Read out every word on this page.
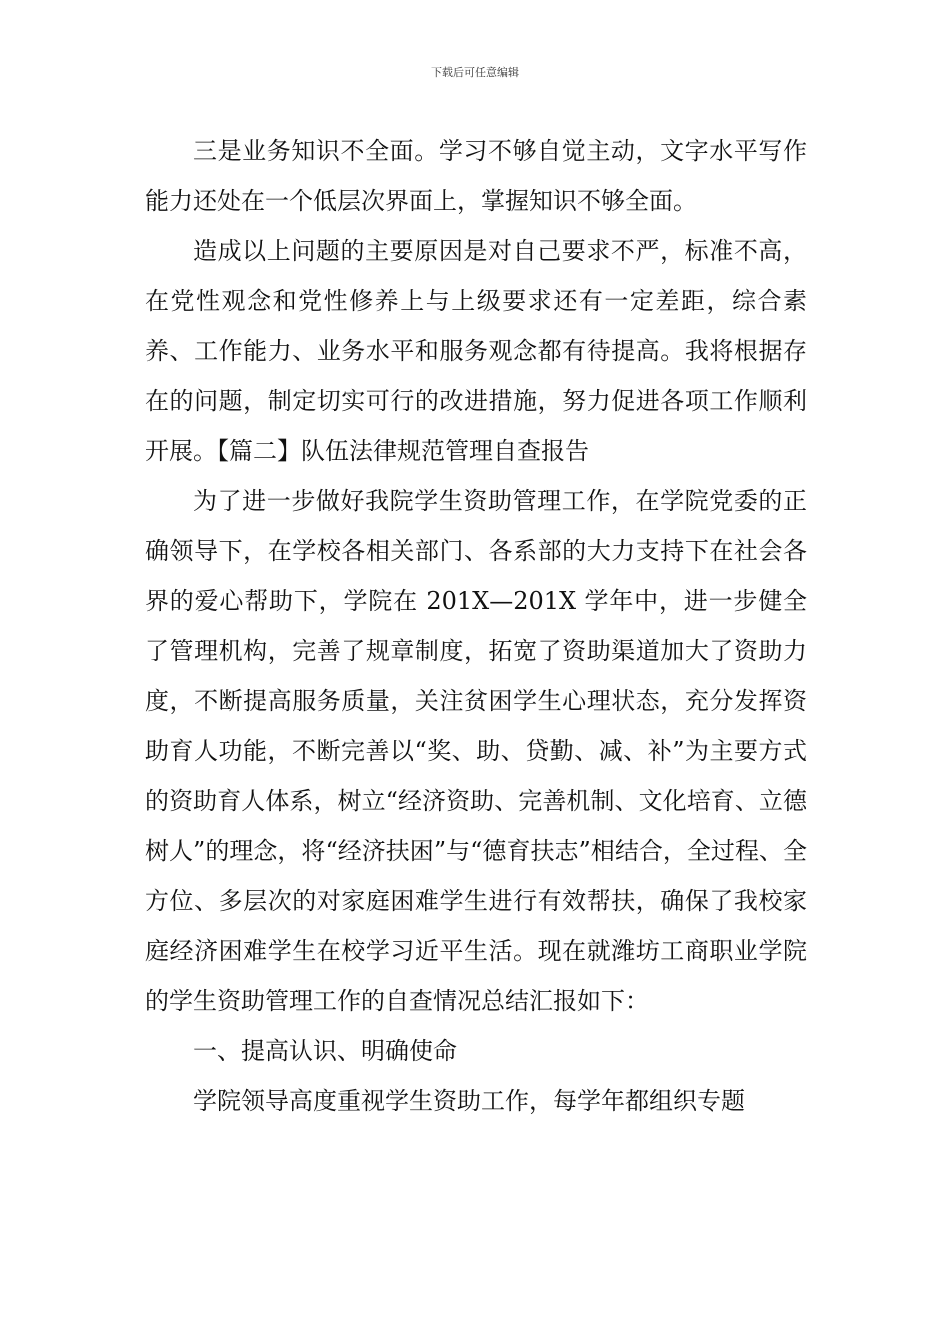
下载后可任意编辑

三是业务知识不全面。学习不够自觉主动，文字水平写作能力还处在一个低层次界面上，掌握知识不够全面。

造成以上问题的主要原因是对自己要求不严，标准不高，在党性观念和党性修养上与上级要求还有一定差距，综合素养、工作能力、业务水平和服务观念都有待提高。我将根据存在的问题，制定切实可行的改进措施，努力促进各项工作顺利开展。【篇二】队伍法律规范管理自查报告

为了进一步做好我院学生资助管理工作，在学院党委的正确领导下，在学校各相关部门、各系部的大力支持下在社会各界的爱心帮助下，学院在 201X—201X 学年中，进一步健全了管理机构，完善了规章制度，拓宽了资助渠道加大了资助力度，不断提高服务质量，关注贫困学生心理状态，充分发挥资助育人功能，不断完善以“奖、助、贷勤、减、补”为主要方式的资助育人体系，树立“经济资助、完善机制、文化培育、立德树人”的理念，将“经济扶困”与“德育扶志”相结合，全过程、全方位、多层次的对家庭困难学生进行有效帮扶，确保了我校家庭经济困难学生在校学习近平生活。现在就潍坊工商职业学院的学生资助管理工作的自查情况总结汇报如下：

一、提高认识、明确使命

学院领导高度重视学生资助工作，每学年都组织专题
